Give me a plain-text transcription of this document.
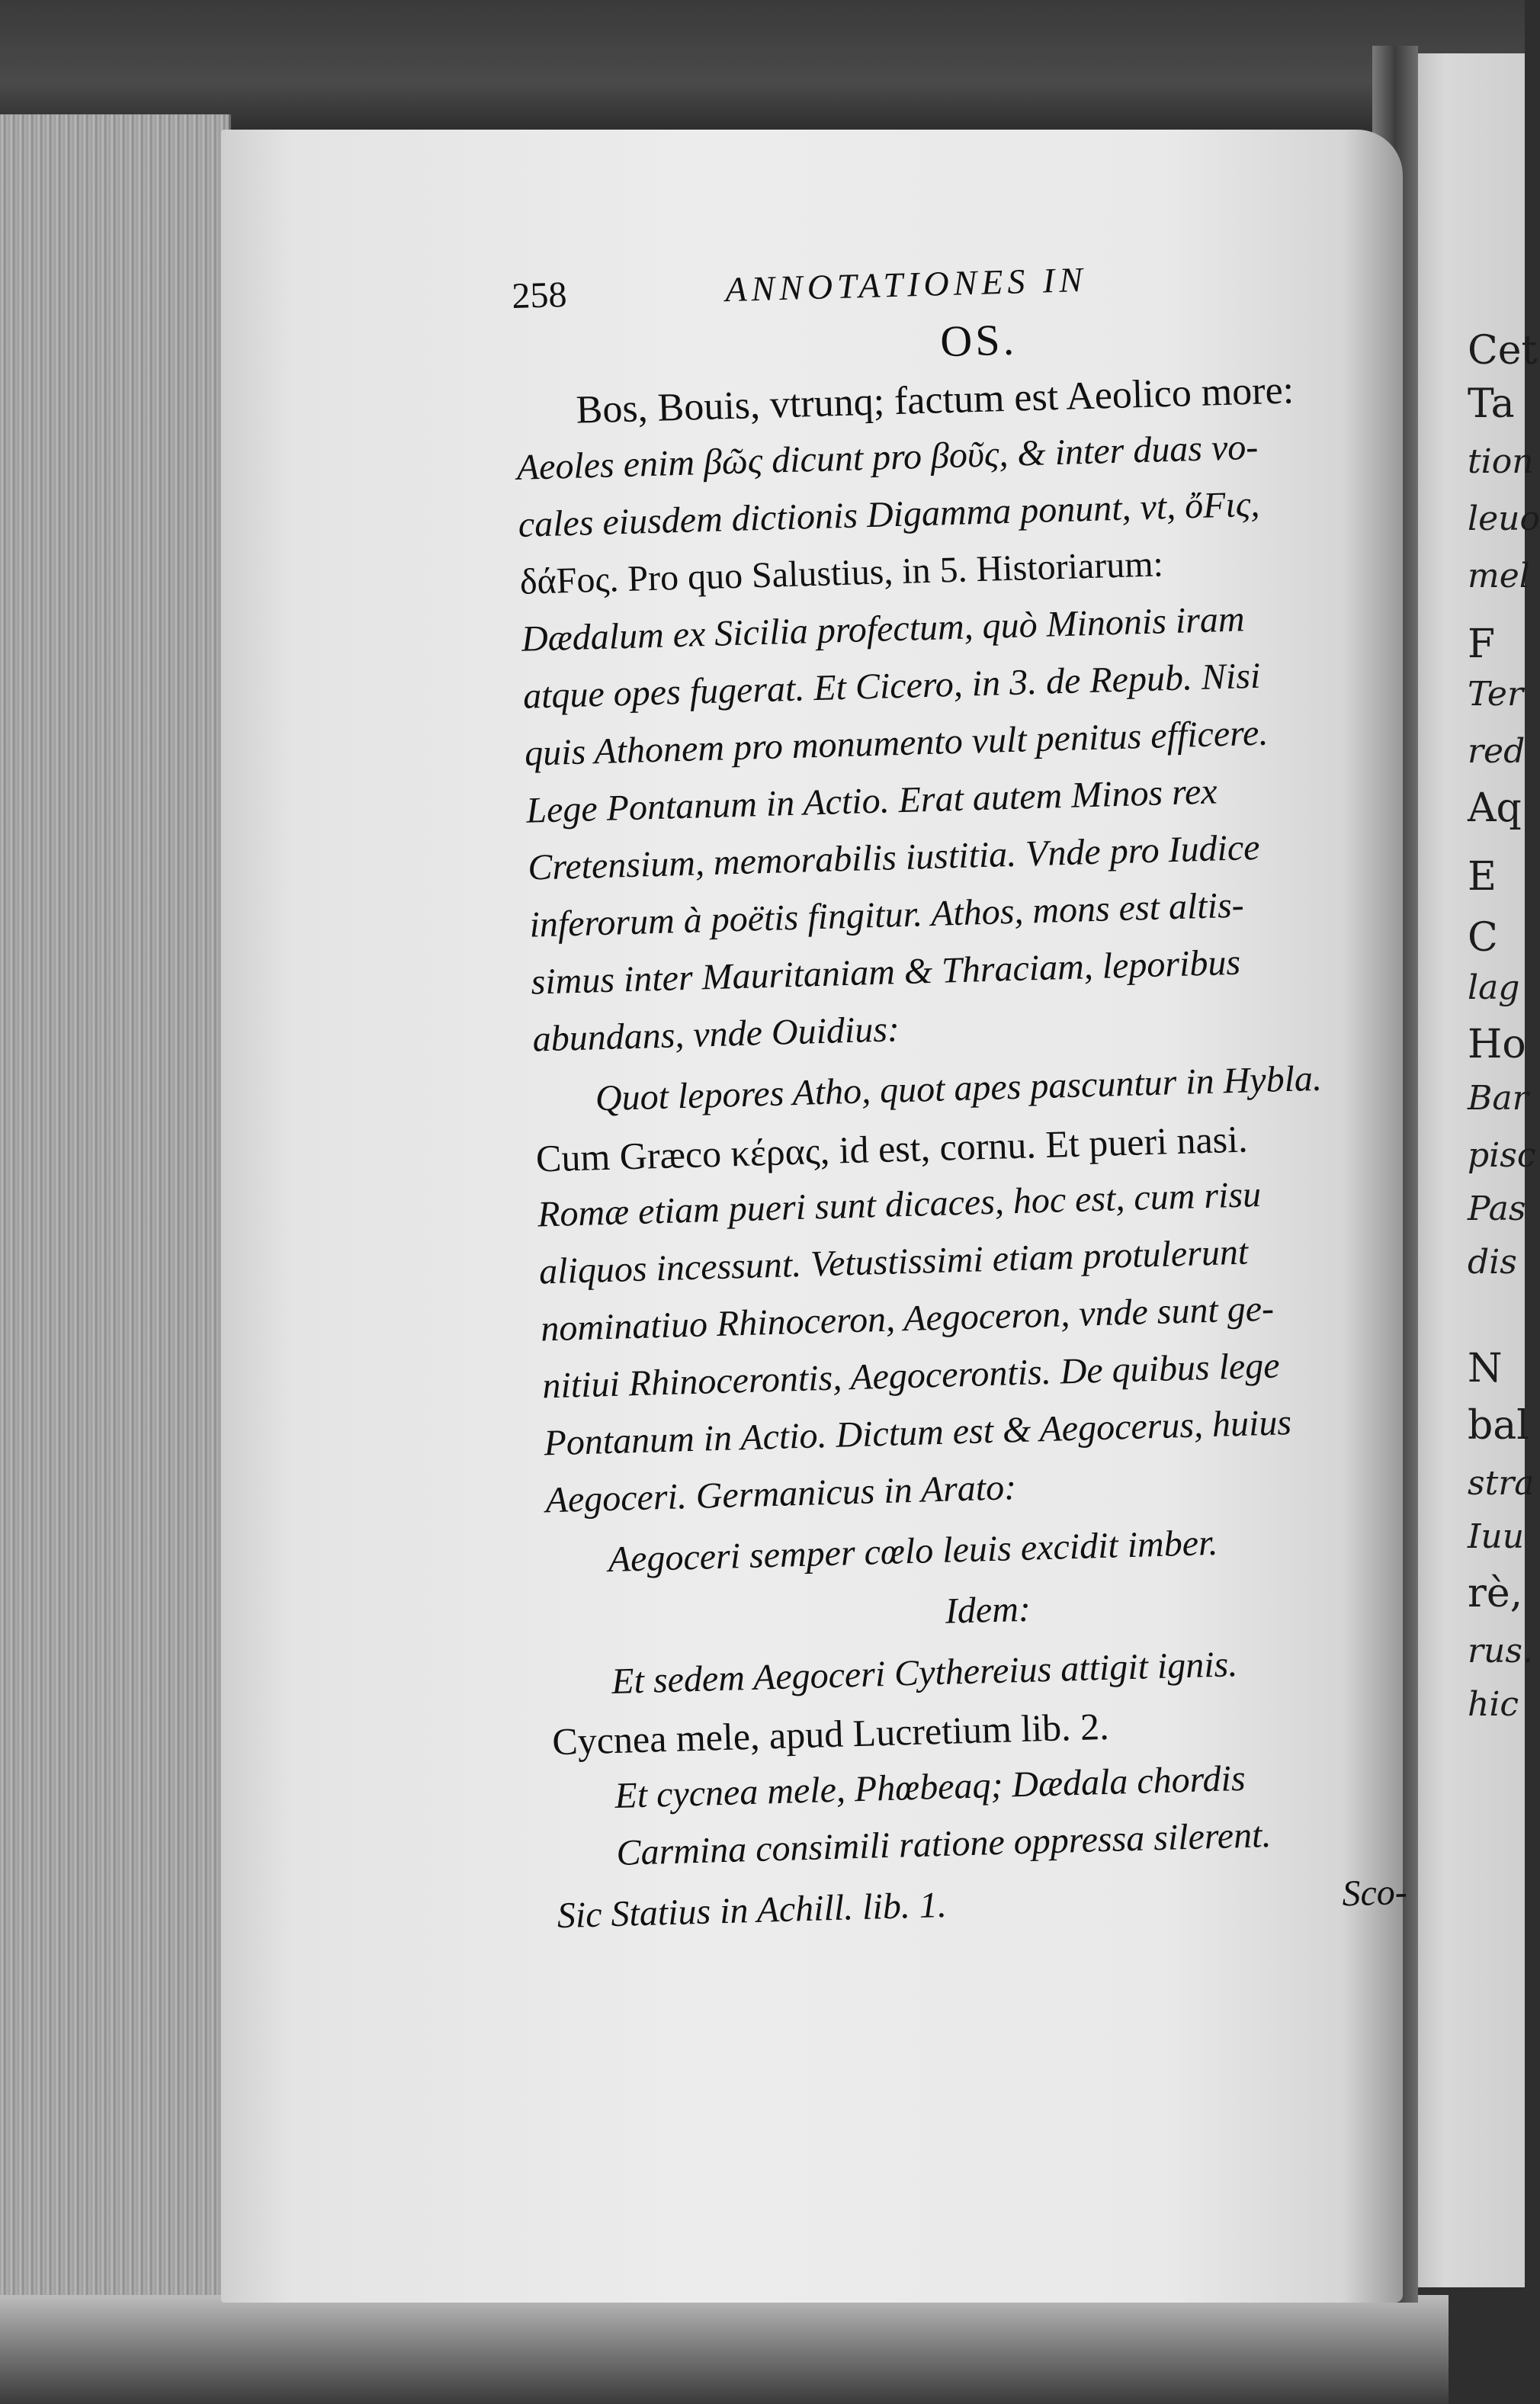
Cet
Ta
tion
leuo
mel
F
Ter
red
Aq
E
C
lag
Ho
Bar
pisc
Pas
dis
N
bal
stra
Iuu
rè,
rus.
hic
258	ANNOTATIONES IN
OS.
Bos, Bouis, vtrunq; factum est Aeolico more:
Aeoles enim βῶς dicunt pro βοῦς, & inter duas vo-
cales eiusdem dictionis Digamma ponunt, vt, ὄFις,
δάFος. Pro quo Salustius, in 5. Historiarum:
Dædalum ex Sicilia profectum, quò Minonis iram
atque opes fugerat. Et Cicero, in 3. de Repub. Nisi
quis Athonem pro monumento vult penitus efficere.
Lege Pontanum in Actio. Erat autem Minos rex
Cretensium, memorabilis iustitia. Vnde pro Iudice
inferorum à poëtis fingitur. Athos, mons est altis-
simus inter Mauritaniam & Thraciam, leporibus
abundans, vnde Ouidius:
Quot lepores Atho, quot apes pascuntur in Hybla.
Cum Græco κέρας, id est, cornu. Et pueri nasi.
Romæ etiam pueri sunt dicaces, hoc est, cum risu
aliquos incessunt. Vetustissimi etiam protulerunt
nominatiuo Rhinoceron, Aegoceron, vnde sunt ge-
nitiui Rhinocerontis, Aegocerontis. De quibus lege
Pontanum in Actio. Dictum est & Aegocerus, huius
Aegoceri. Germanicus in Arato:
Aegoceri semper cœlo leuis excidit imber.
Idem:
Et sedem Aegoceri Cythereius attigit ignis.
Cycnea mele, apud Lucretium lib. 2.
Et cycnea mele, Phœbeaq; Dædala chordis
Carmina consimili ratione oppressa silerent.
Sic Statius in Achill. lib. 1.	Sco-
